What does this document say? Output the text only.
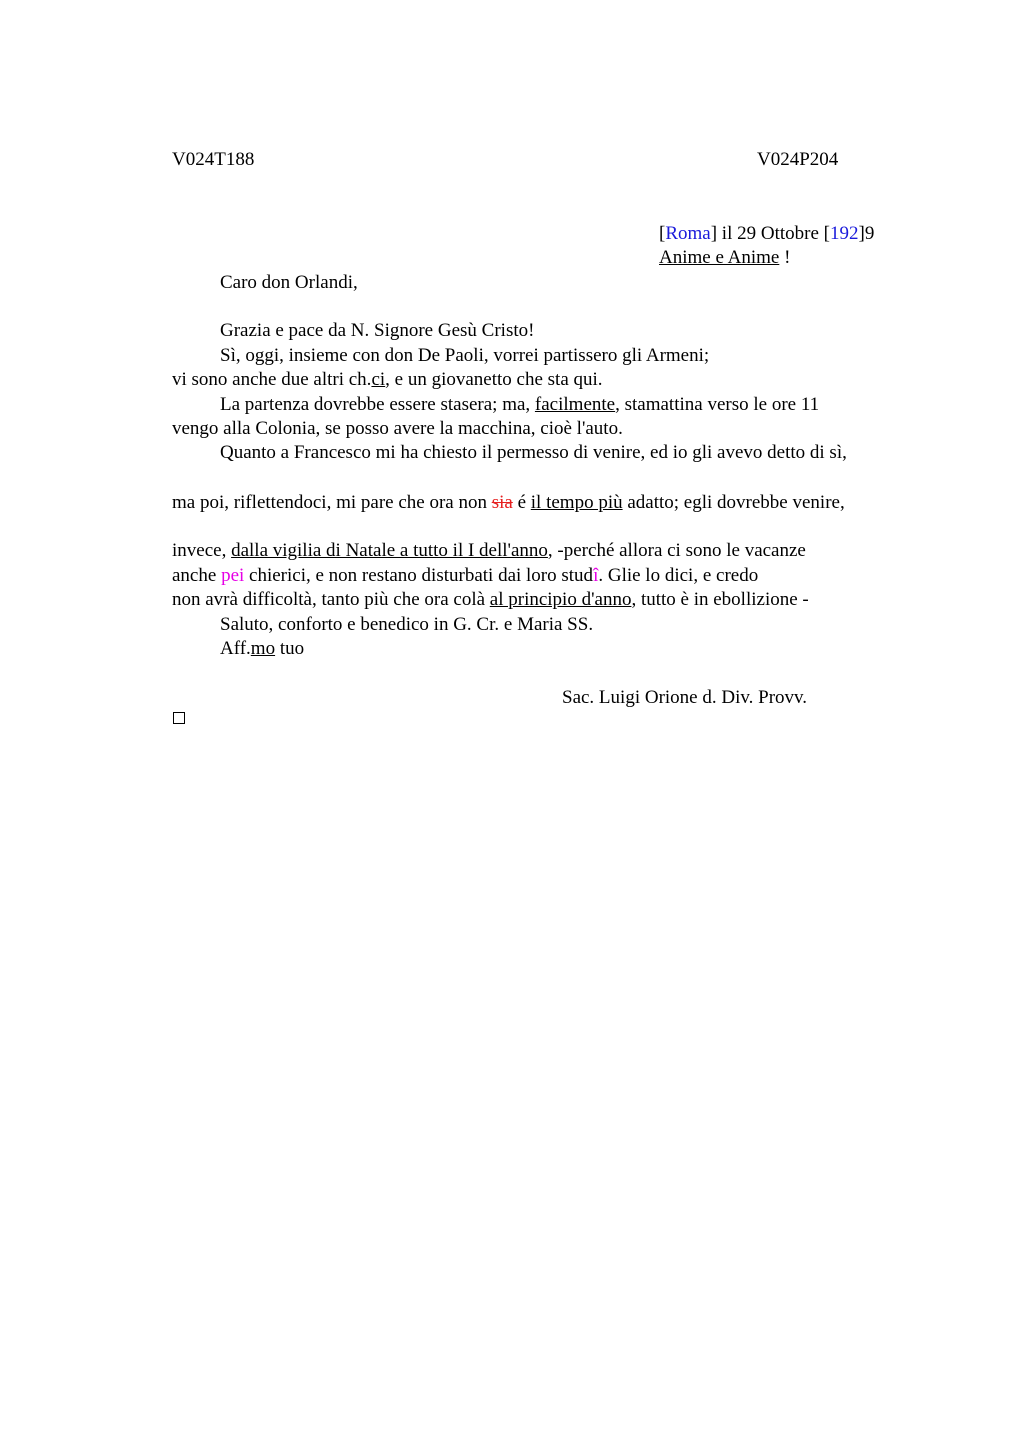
V024T188	V024P204
[Roma] il 29 Ottobre [192]9
Anime e Anime !
Caro don Orlandi,
Grazia e pace da N. Signore Gesù Cristo!
Sì, oggi, insieme con don De Paoli, vorrei partissero gli Armeni;
vi sono anche due altri ch.ci, e un giovanetto che sta qui.
La partenza dovrebbe essere stasera; ma, facilmente, stamattina verso le ore 11
vengo alla Colonia, se posso avere la macchina, cioè l'auto.
Quanto a Francesco mi ha chiesto il permesso di venire, ed io gli avevo detto di sì,
ma poi, riflettendoci, mi pare che ora non sia é il tempo più adatto; egli dovrebbe venire,
invece, dalla vigilia di Natale a tutto il I dell'anno, -perché allora ci sono le vacanze
anche pei chierici, e non restano disturbati dai loro studî. Glie lo dici, e credo
non avrà difficoltà, tanto più che ora colà al principio d'anno, tutto è in ebollizione -
Saluto, conforto e benedico in G. Cr. e Maria SS.
Aff.mo tuo
Sac. Luigi Orione d. Div. Provv.
